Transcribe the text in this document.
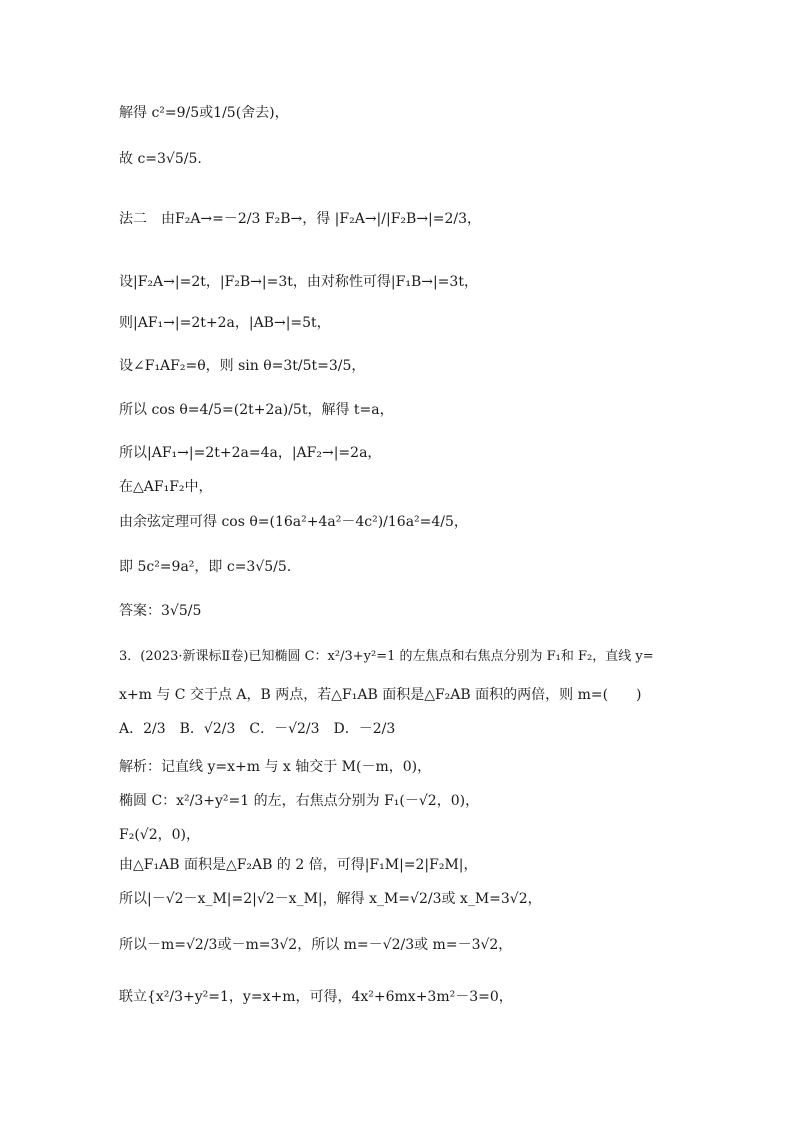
解得 c²=9/5或1/5(舍去)，
故 c=3√5/5.
法二　由F₂A→=－2/3 F₂B→，得 |F₂A→|/|F₂B→|=2/3，
设|F₂A→|=2t，|F₂B→|=3t，由对称性可得|F₁B→|=3t，
则|AF₁→|=2t+2a，|AB→|=5t，
设∠F₁AF₂=θ，则 sin θ=3t/5t=3/5，
所以 cos θ=4/5=(2t+2a)/5t，解得 t=a，
所以|AF₁→|=2t+2a=4a，|AF₂→|=2a，
在△AF₁F₂中，
由余弦定理可得 cos θ=(16a²+4a²－4c²)/16a²=4/5，
即 5c²=9a²，即 c=3√5/5.
答案：3√5/5
3．(2023·新课标Ⅱ卷)已知椭圆 C：x²/3+y²=1 的左焦点和右焦点分别为 F₁和 F₂，直线 y=
x+m 与 C 交于点 A，B 两点，若△F₁AB 面积是△F₂AB 面积的两倍，则 m=(　　)
A．2/3　B．√2/3　C．－√2/3　D．－2/3
解析：记直线 y=x+m 与 x 轴交于 M(－m，0)，
椭圆 C：x²/3+y²=1 的左，右焦点分别为 F₁(－√2，0)，
F₂(√2，0)，
由△F₁AB 面积是△F₂AB 的 2 倍，可得|F₁M|=2|F₂M|，
所以|－√2－x_M|=2|√2－x_M|，解得 x_M=√2/3或 x_M=3√2，
所以－m=√2/3或－m=3√2，所以 m=－√2/3或 m=－3√2，
联立{x²/3+y²=1，y=x+m，可得，4x²+6mx+3m²－3=0，
